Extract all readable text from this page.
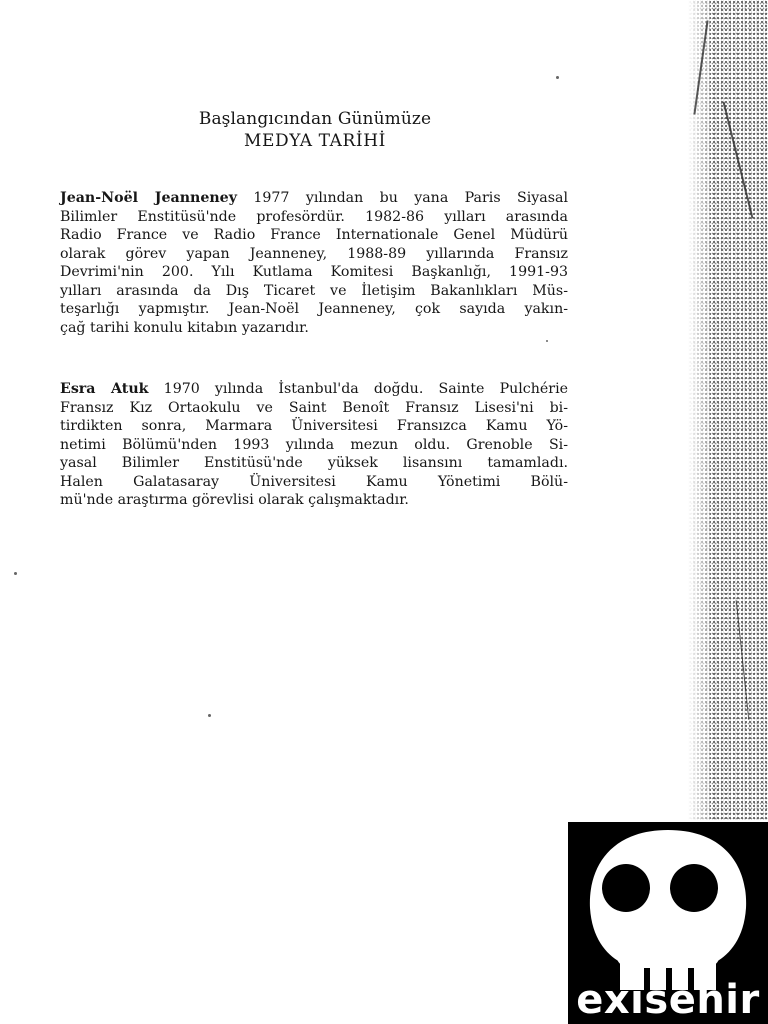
Başlangıcından Günümüze
MEDYA TARİHİ
Jean-Noël Jeanneney 1977 yılından bu yana Paris Siyasal
Bilimler Enstitüsü'nde profesördür. 1982-86 yılları arasında
Radio France ve Radio France Internationale Genel Müdürü
olarak görev yapan Jeanneney, 1988-89 yıllarında Fransız
Devrimi'nin 200. Yılı Kutlama Komitesi Başkanlığı, 1991-93
yılları arasında da Dış Ticaret ve İletişim Bakanlıkları Müs-
teşarlığı yapmıştır. Jean-Noël Jeanneney, çok sayıda yakın-
çağ tarihi konulu kitabın yazarıdır.
Esra Atuk 1970 yılında İstanbul'da doğdu. Sainte Pulchérie
Fransız Kız Ortaokulu ve Saint Benoît Fransız Lisesi'ni bi-
tirdikten sonra, Marmara Üniversitesi Fransızca Kamu Yö-
netimi Bölümü'nden 1993 yılında mezun oldu. Grenoble Si-
yasal Bilimler Enstitüsü'nde yüksek lisansını tamamladı.
Halen Galatasaray Üniversitesi Kamu Yönetimi Bölü-
mü'nde araştırma görevlisi olarak çalışmaktadır.
exisehir
